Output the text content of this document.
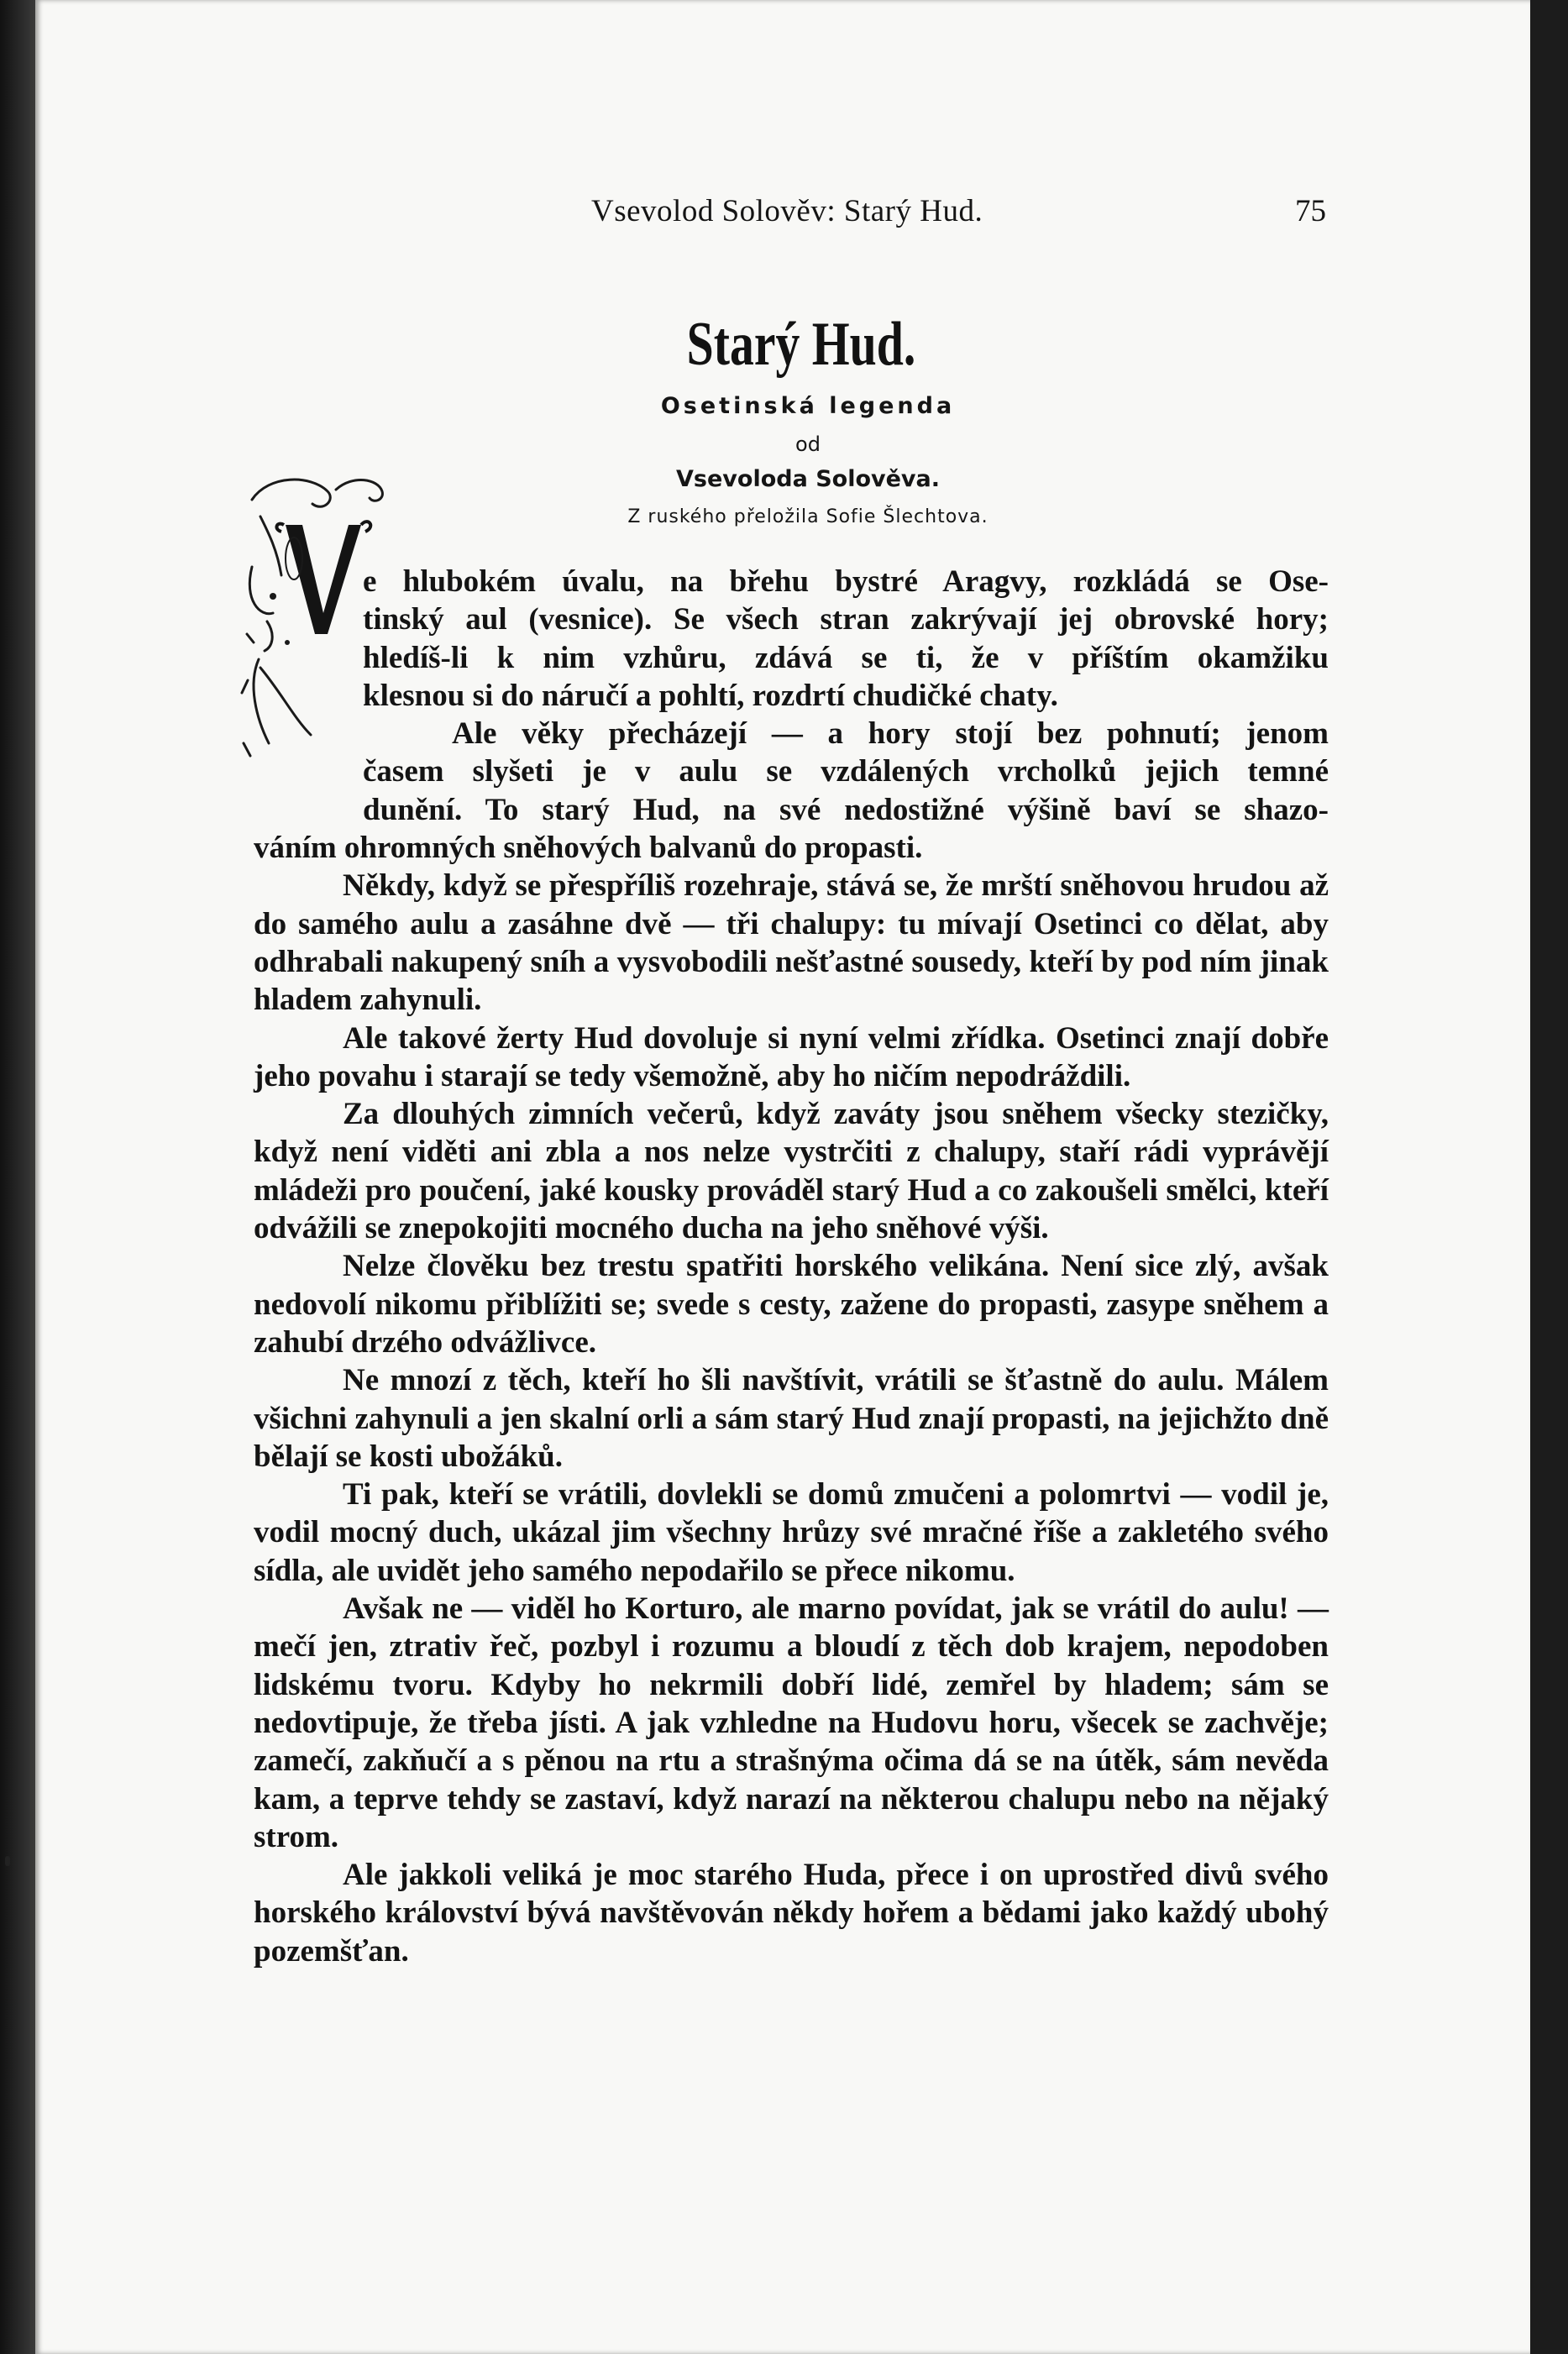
Vsevolod Solověv: Starý Hud.	75
Starý Hud.
Osetinská legenda
od
Vsevoloda Solověva.
Z ruského přeložila Sofie Šlechtova.
e hlubokém úvalu, na břehu bystré Aragvy, rozkládá se Ose-
tinský aul (vesnice). Se všech stran zakrývají jej obrovské hory;
hledíš-li k nim vzhůru, zdává se ti, že v příštím okamžiku
klesnou si do náručí a pohltí, rozdrtí chudičké chaty.
Ale věky přecházejí — a hory stojí bez pohnutí; jenom
časem slyšeti je v aulu se vzdálených vrcholků jejich temné
dunění. To starý Hud, na své nedostižné výšině baví se shazo-
váním ohromných sněhových balvanů do propasti.

Někdy, když se přespříliš rozehraje, stává se, že mrští sněhovou hrudou až do samého aulu a zasáhne dvě — tři chalupy: tu mívají Osetinci co dělat, aby odhrabali nakupený sníh a vysvobodili nešťastné sousedy, kteří by pod ním jinak hladem zahynuli.

Ale takové žerty Hud dovoluje si nyní velmi zřídka. Osetinci znají dobře jeho povahu i starají se tedy všemožně, aby ho ničím nepodráždili.

Za dlouhých zimních večerů, když zaváty jsou sněhem všecky stezičky, když není viděti ani zbla a nos nelze vystrčiti z chalupy, staří rádi vyprávějí mládeži pro poučení, jaké kousky prováděl starý Hud a co zakoušeli smělci, kteří odvážili se znepokojiti mocného ducha na jeho sněhové výši.

Nelze člověku bez trestu spatřiti horského velikána. Není sice zlý, avšak nedovolí nikomu přiblížiti se; svede s cesty, zažene do propasti, zasype sněhem a zahubí drzého odvážlivce.

Ne mnozí z těch, kteří ho šli navštívit, vrátili se šťastně do aulu. Málem všichni zahynuli a jen skalní orli a sám starý Hud znají propasti, na jejichžto dně bělají se kosti ubožáků.

Ti pak, kteří se vrátili, dovlekli se domů zmučeni a polomrtvi — vodil je, vodil mocný duch, ukázal jim všechny hrůzy své mračné říše a zakletého svého sídla, ale uvidět jeho samého nepodařilo se přece nikomu.

Avšak ne — viděl ho Korturo, ale marno povídat, jak se vrátil do aulu! — mečí jen, ztrativ řeč, pozbyl i rozumu a bloudí z těch dob krajem, nepodoben lidskému tvoru. Kdyby ho nekrmili dobří lidé, zemřel by hladem; sám se nedovtipuje, že třeba jísti. A jak vzhledne na Hudovu horu, všecek se zachvěje; zamečí, zakňučí a s pěnou na rtu a strašnýma očima dá se na útěk, sám nevěda kam, a teprve tehdy se zastaví, když narazí na některou chalupu nebo na nějaký strom.

Ale jakkoli veliká je moc starého Huda, přece i on uprostřed divů svého horského království bývá navštěvován někdy hořem a bědami jako každý ubohý pozemšťan.
